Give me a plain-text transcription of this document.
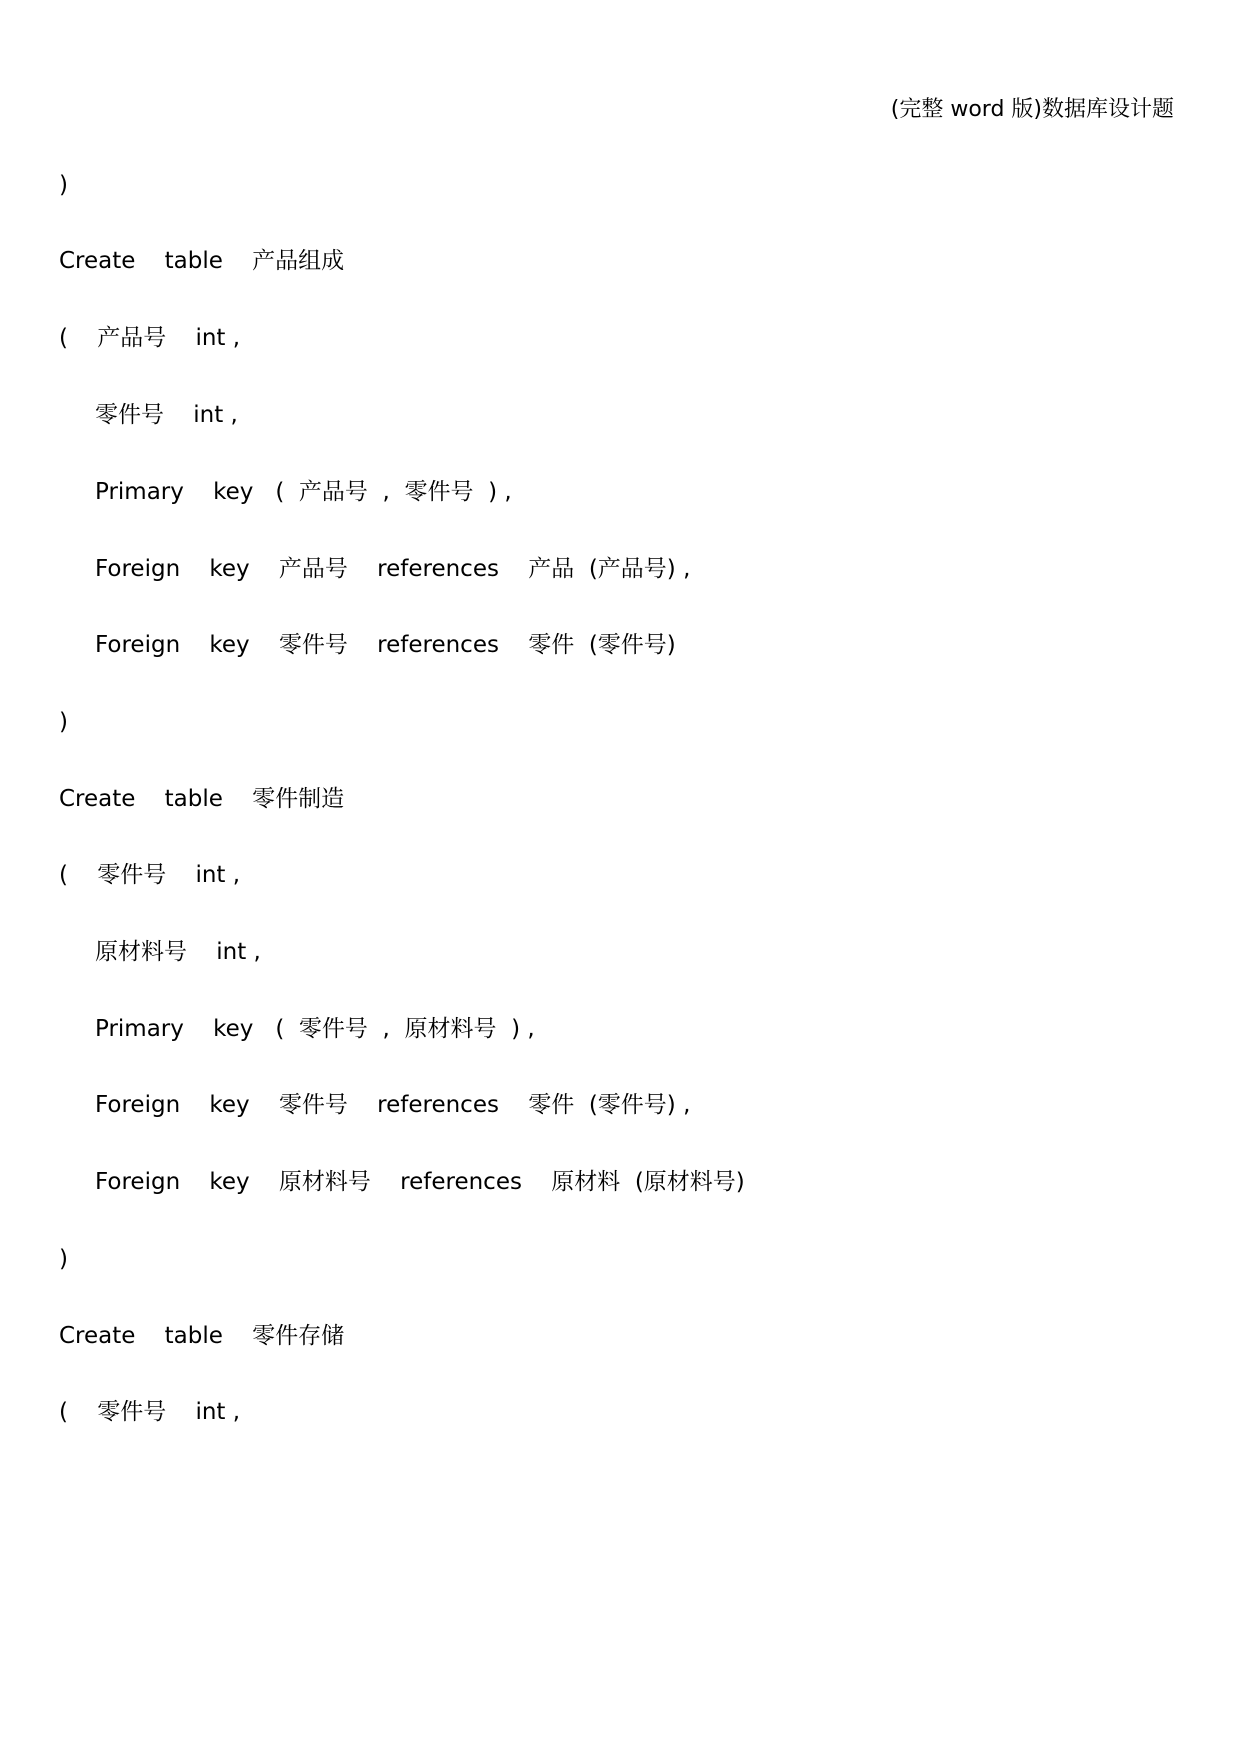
(完整 word 版)数据库设计题
)
Create    table    产品组成
(    产品号    int ,
零件号    int ,
Primary    key   (  产品号  ,  零件号  ) ,
Foreign    key    产品号    references    产品  (产品号) ,
Foreign    key    零件号    references    零件  (零件号)
)
Create    table    零件制造
(    零件号    int ,
原材料号    int ,
Primary    key   (  零件号  ,  原材料号  ) ,
Foreign    key    零件号    references    零件  (零件号) ,
Foreign    key    原材料号    references    原材料  (原材料号)
)
Create    table    零件存储
(    零件号    int ,
